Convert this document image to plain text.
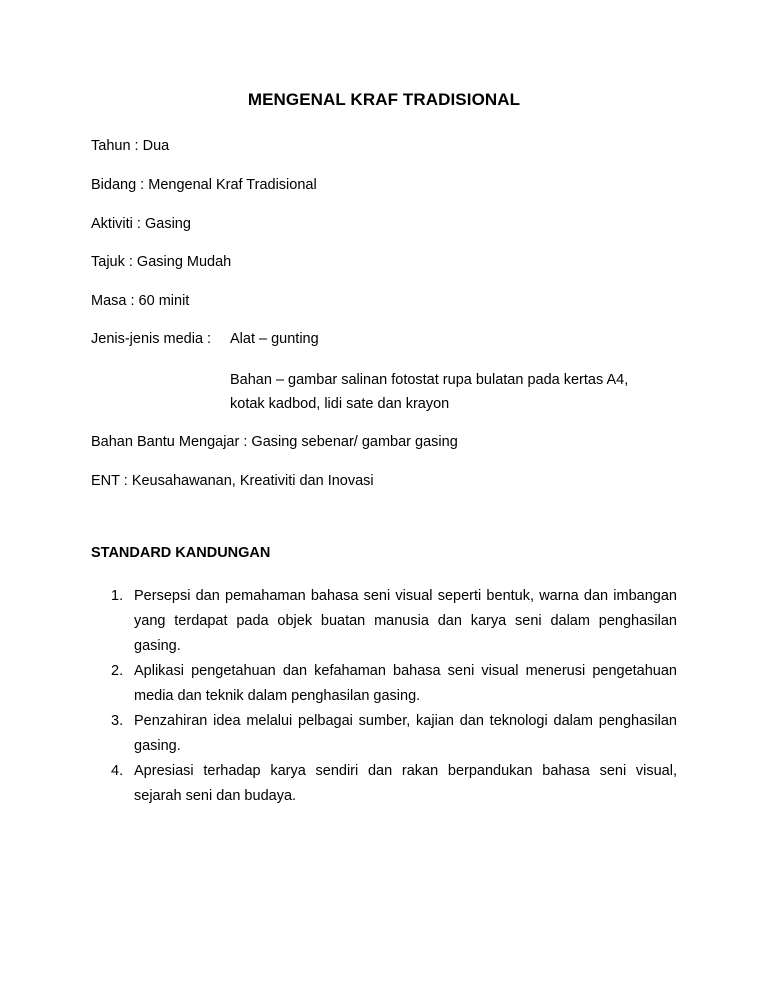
MENGENAL KRAF TRADISIONAL
Tahun : Dua
Bidang : Mengenal Kraf Tradisional
Aktiviti : Gasing
Tajuk : Gasing Mudah
Masa : 60 minit
Jenis-jenis media : Alat – gunting
Bahan – gambar salinan fotostat rupa bulatan pada kertas A4,
kotak kadbod, lidi sate dan krayon
Bahan Bantu Mengajar : Gasing sebenar/ gambar gasing
ENT : Keusahawanan, Kreativiti dan Inovasi
STANDARD KANDUNGAN
1. Persepsi dan pemahaman bahasa seni visual seperti bentuk, warna dan imbangan yang terdapat pada objek buatan manusia dan karya seni dalam penghasilan gasing.
2. Aplikasi pengetahuan dan kefahaman bahasa seni visual menerusi pengetahuan media dan teknik dalam penghasilan gasing.
3. Penzahiran idea melalui pelbagai sumber, kajian dan teknologi dalam penghasilan gasing.
4. Apresiasi terhadap karya sendiri dan rakan berpandukan bahasa seni visual, sejarah seni dan budaya.
